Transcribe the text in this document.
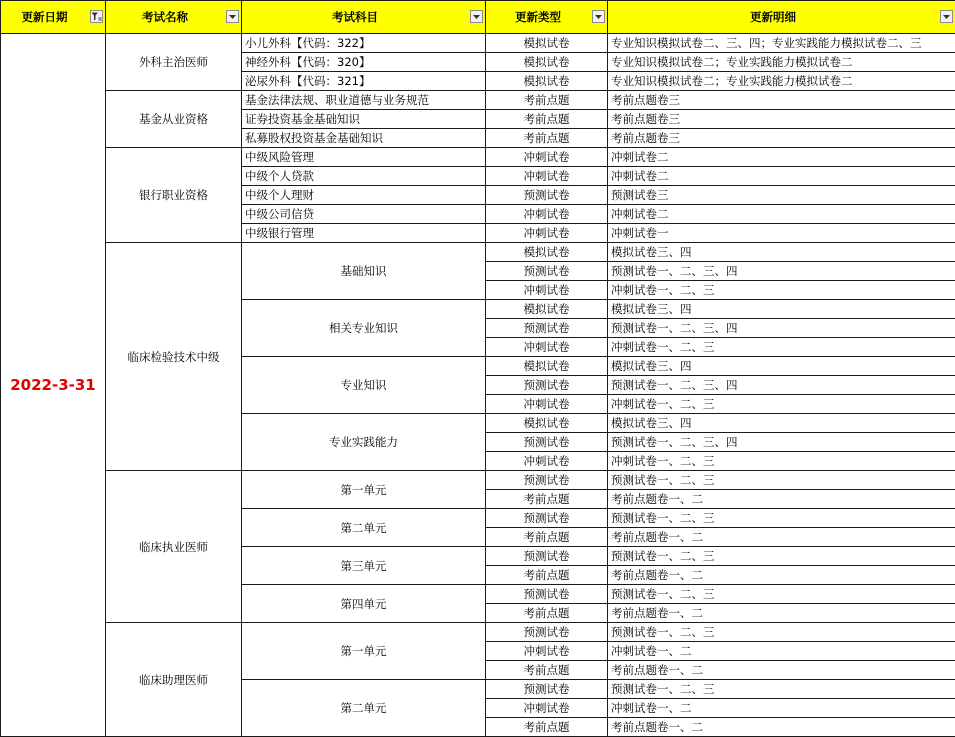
更新日期	考试名称	考试科目	更新类型	更新明细

2022-3-31	外科主治医师	小儿外科【代码：322】	模拟试卷	专业知识模拟试卷二、三、四；专业实践能力模拟试卷二、三
		神经外科【代码：320】	模拟试卷	专业知识模拟试卷二；专业实践能力模拟试卷二
		泌尿外科【代码：321】	模拟试卷	专业知识模拟试卷二；专业实践能力模拟试卷二
	基金从业资格	基金法律法规、职业道德与业务规范	考前点题	考前点题卷三
		证券投资基金基础知识	考前点题	考前点题卷三
		私募股权投资基金基础知识	考前点题	考前点题卷三
	银行职业资格	中级风险管理	冲刺试卷	冲刺试卷二
		中级个人贷款	冲刺试卷	冲刺试卷二
		中级个人理财	预测试卷	预测试卷三
		中级公司信贷	冲刺试卷	冲刺试卷二
		中级银行管理	冲刺试卷	冲刺试卷一
	临床检验技术中级	基础知识	模拟试卷	模拟试卷三、四
			预测试卷	预测试卷一、二、三、四
			冲刺试卷	冲刺试卷一、二、三
		相关专业知识	模拟试卷	模拟试卷三、四
			预测试卷	预测试卷一、二、三、四
			冲刺试卷	冲刺试卷一、二、三
		专业知识	模拟试卷	模拟试卷三、四
			预测试卷	预测试卷一、二、三、四
			冲刺试卷	冲刺试卷一、二、三
		专业实践能力	模拟试卷	模拟试卷三、四
			预测试卷	预测试卷一、二、三、四
			冲刺试卷	冲刺试卷一、二、三
	临床执业医师	第一单元	预测试卷	预测试卷一、二、三
			考前点题	考前点题卷一、二
		第二单元	预测试卷	预测试卷一、二、三
			考前点题	考前点题卷一、二
		第三单元	预测试卷	预测试卷一、二、三
			考前点题	考前点题卷一、二
		第四单元	预测试卷	预测试卷一、二、三
			考前点题	考前点题卷一、二
	临床助理医师	第一单元	预测试卷	预测试卷一、二、三
			冲刺试卷	冲刺试卷一、二
			考前点题	考前点题卷一、二
		第二单元	预测试卷	预测试卷一、二、三
			冲刺试卷	冲刺试卷一、二
			考前点题	考前点题卷一、二
